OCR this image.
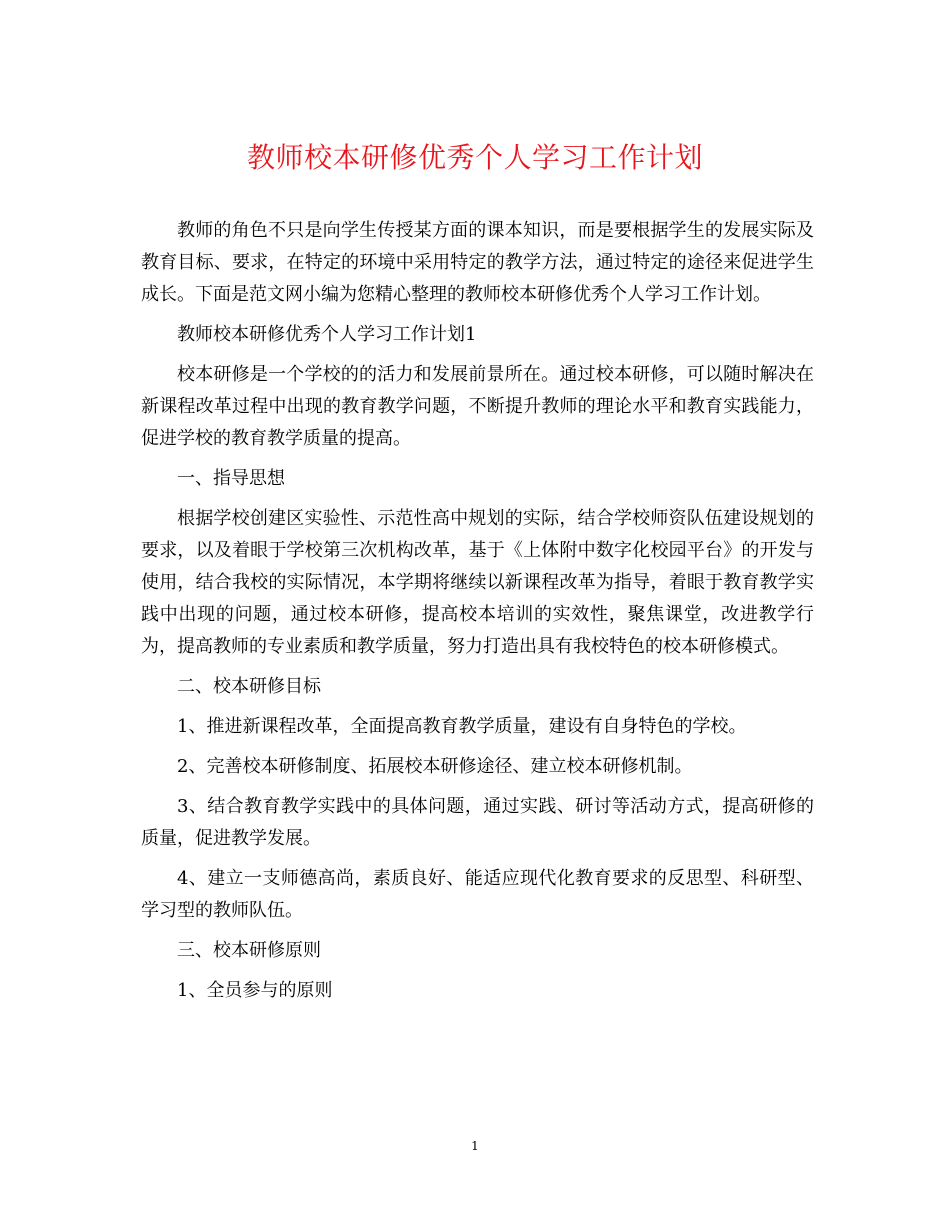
教师校本研修优秀个人学习工作计划

教师的角色不只是向学生传授某方面的课本知识，而是要根据学生的发展实际及教育目标、要求，在特定的环境中采用特定的教学方法，通过特定的途径来促进学生成长。下面是范文网小编为您精心整理的教师校本研修优秀个人学习工作计划。

教师校本研修优秀个人学习工作计划1

校本研修是一个学校的的活力和发展前景所在。通过校本研修，可以随时解决在新课程改革过程中出现的教育教学问题，不断提升教师的理论水平和教育实践能力，促进学校的教育教学质量的提高。

一、指导思想

根据学校创建区实验性、示范性高中规划的实际，结合学校师资队伍建设规划的要求，以及着眼于学校第三次机构改革，基于《上体附中数字化校园平台》的开发与使用，结合我校的实际情况，本学期将继续以新课程改革为指导，着眼于教育教学实践中出现的问题，通过校本研修，提高校本培训的实效性，聚焦课堂，改进教学行为，提高教师的专业素质和教学质量，努力打造出具有我校特色的校本研修模式。

二、校本研修目标

1、推进新课程改革，全面提高教育教学质量，建设有自身特色的学校。

2、完善校本研修制度、拓展校本研修途径、建立校本研修机制。

3、结合教育教学实践中的具体问题，通过实践、研讨等活动方式，提高研修的质量，促进教学发展。

4、建立一支师德高尚，素质良好、能适应现代化教育要求的反思型、科研型、学习型的教师队伍。

三、校本研修原则

1、全员参与的原则

1
